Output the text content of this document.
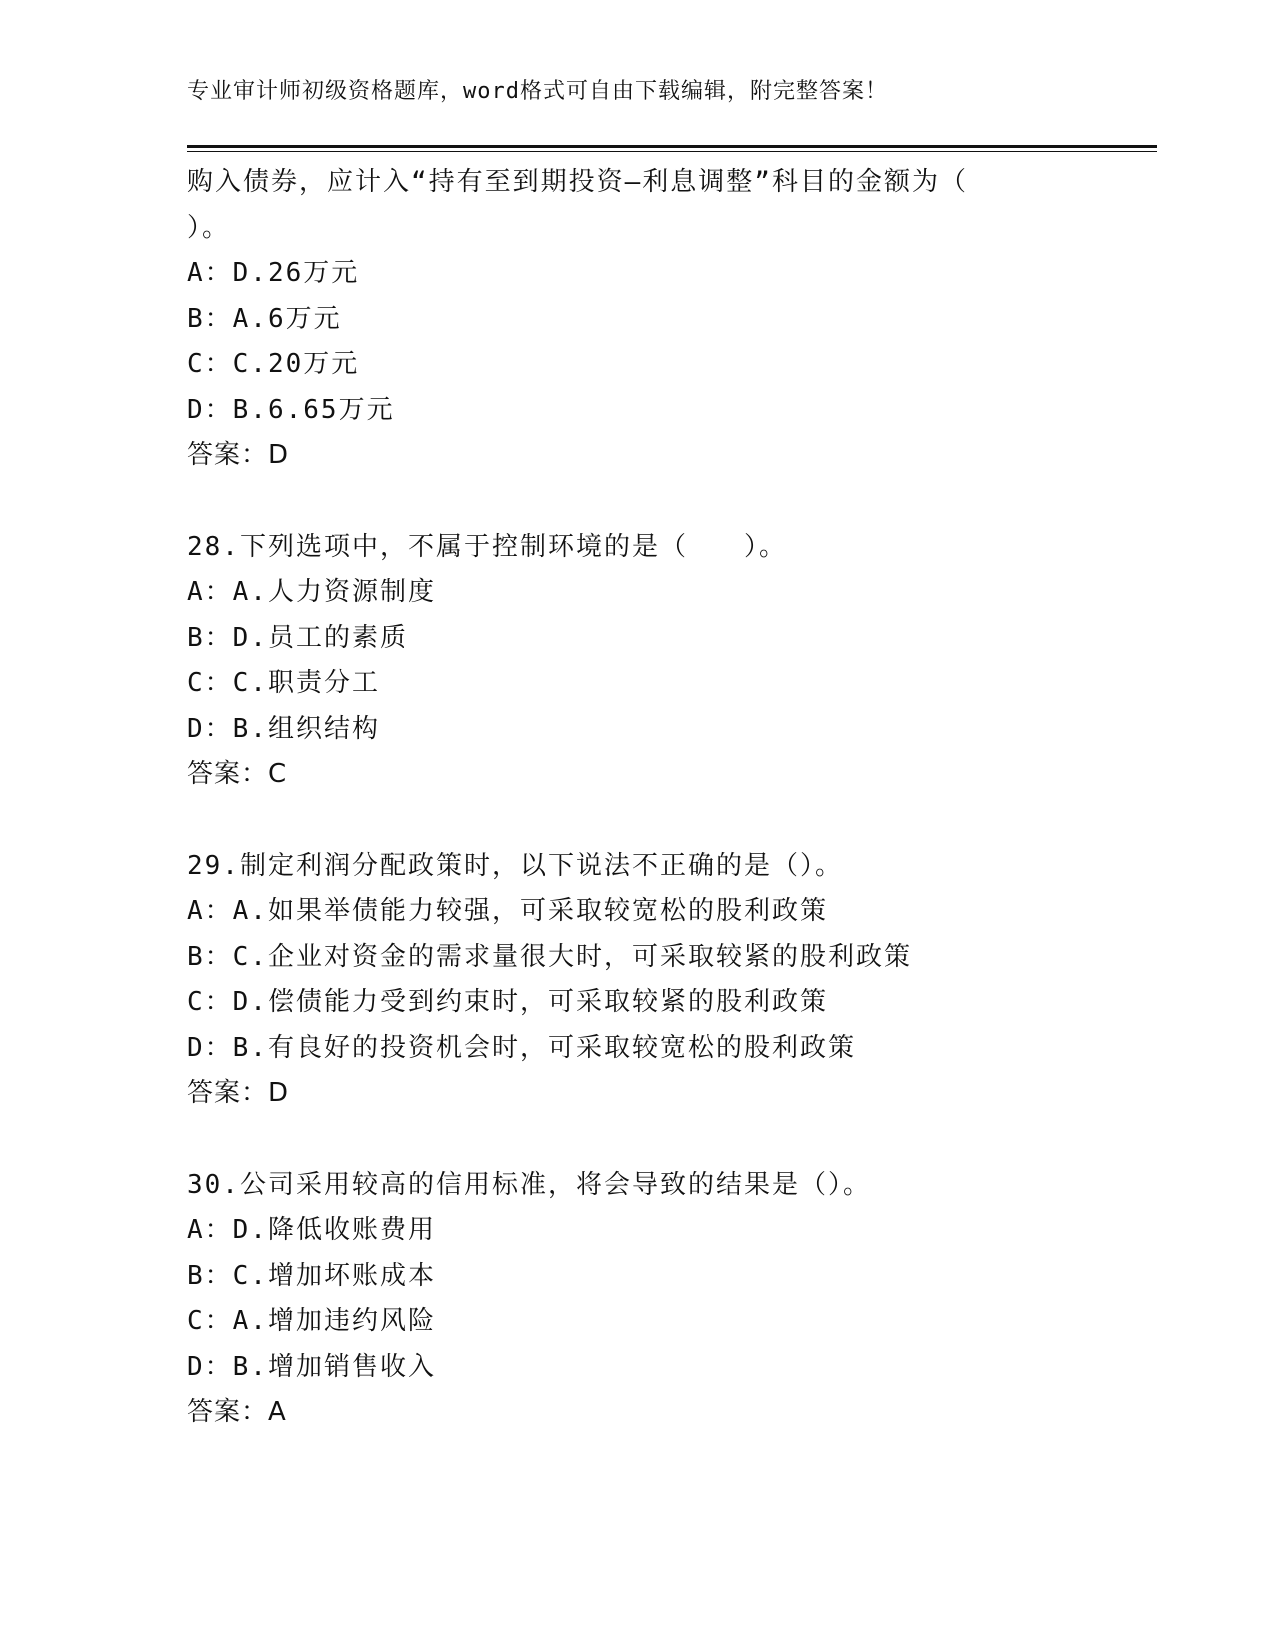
专业审计师初级资格题库，word格式可自由下载编辑，附完整答案！
购入债券，应计入“持有至到期投资—利息调整”科目的金额为（
）。
A：D.26万元
B：A.6万元
C：C.20万元
D：B.6.65万元
答案：D
28.下列选项中，不属于控制环境的是（　　）。
A：A.人力资源制度
B：D.员工的素质
C：C.职责分工
D：B.组织结构
答案：C
29.制定利润分配政策时，以下说法不正确的是（）。
A：A.如果举债能力较强，可采取较宽松的股利政策
B：C.企业对资金的需求量很大时，可采取较紧的股利政策
C：D.偿债能力受到约束时，可采取较紧的股利政策
D：B.有良好的投资机会时，可采取较宽松的股利政策
答案：D
30.公司采用较高的信用标准，将会导致的结果是（）。
A：D.降低收账费用
B：C.增加坏账成本
C：A.增加违约风险
D：B.增加销售收入
答案：A
